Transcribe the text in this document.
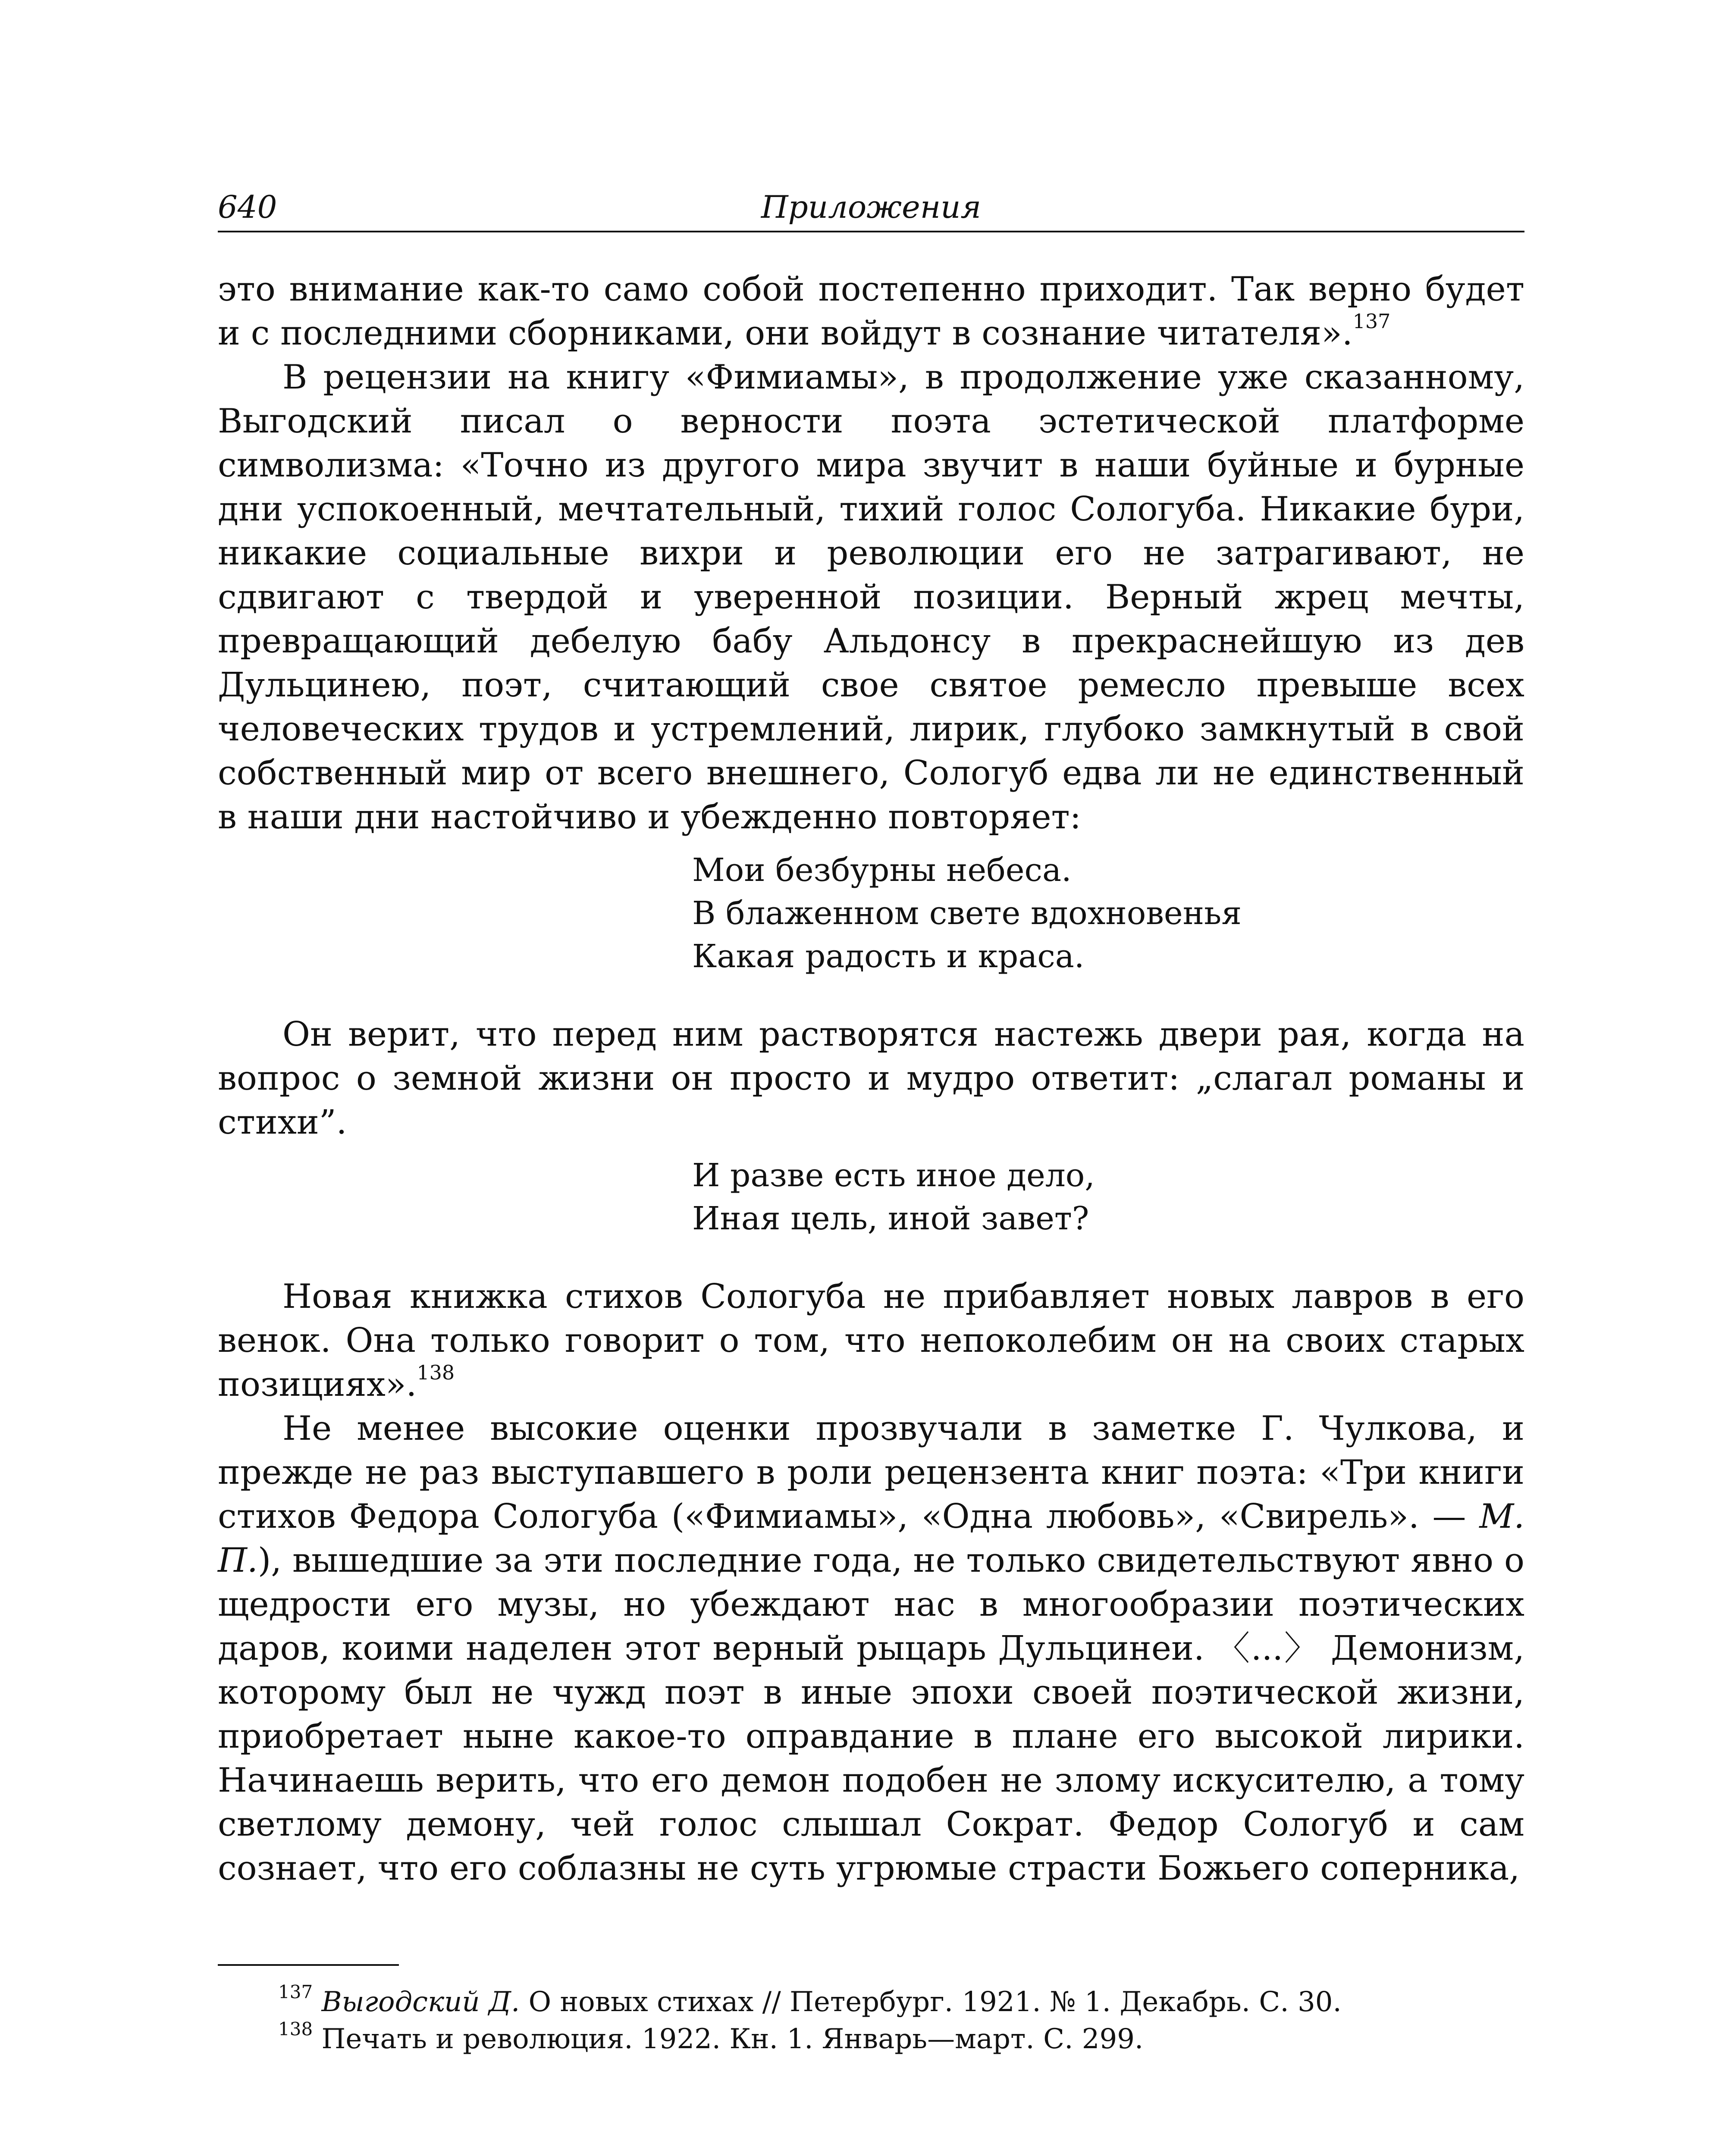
640	Приложения

это внимание как-то само собой постепенно приходит. Так верно будет и с последними сборниками, они войдут в сознание читателя».$^{137}$

В рецензии на книгу «Фимиамы», в продолжение уже сказанному, Выгодский писал о верности поэта эстетической платформе символизма: «Точно из другого мира звучит в наши буйные и бурные дни успокоенный, мечтательный, тихий голос Сологуба. Никакие бури, никакие социальные вихри и революции его не затрагивают, не сдвигают с твердой и уверенной позиции. Верный жрец мечты, превращающий дебелую бабу Альдонсу в прекраснейшую из дев Дульцинею, поэт, считающий свое святое ремесло превыше всех человеческих трудов и устремлений, лирик, глубоко замкнутый в свой собственный мир от всего внешнего, Сологуб едва ли не единственный в наши дни настойчиво и убежденно повторяет:

Мои безбурны небеса.
В блаженном свете вдохновенья
Какая радость и краса.

Он верит, что перед ним растворятся настежь двери рая, когда на вопрос о земной жизни он просто и мудро ответит: „слагал романы и стихи”.

И разве есть иное дело,
Иная цель, иной завет?

Новая книжка стихов Сологуба не прибавляет новых лавров в его венок. Она только говорит о том, что непоколебим он на своих старых позициях».$^{138}$

Не менее высокие оценки прозвучали в заметке Г. Чулкова, и прежде не раз выступавшего в роли рецензента книг поэта: «Три книги стихов Федора Сологуба («Фимиамы», «Одна любовь», «Свирель». — М. П.), вышедшие за эти последние года, не только свидетельствуют явно о щедрости его музы, но убеждают нас в многообразии поэтических даров, коими наделен этот верный рыцарь Дульцинеи. 〈...〉 Демонизм, которому был не чужд поэт в иные эпохи своей поэтической жизни, приобретает ныне какое-то оправдание в плане его высокой лирики. Начинаешь верить, что его демон подобен не злому искусителю, а тому светлому демону, чей голос слышал Сократ. Федор Сологуб и сам сознает, что его соблазны не суть угрюмые страсти Божьего соперника,

$^{137}$ Выгодский Д. О новых стихах // Петербург. 1921. № 1. Декабрь. С. 30.
$^{138}$ Печать и революция. 1922. Кн. 1. Январь—март. С. 299.
